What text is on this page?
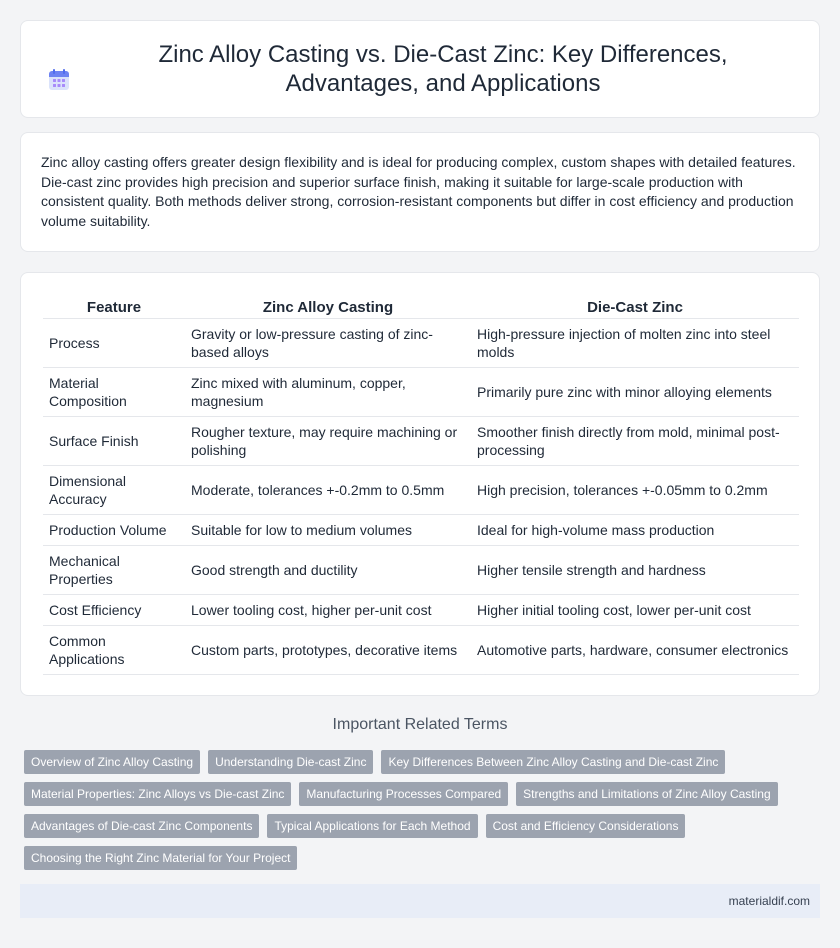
Zinc Alloy Casting vs. Die-Cast Zinc: Key Differences, Advantages, and Applications

Zinc alloy casting offers greater design flexibility and is ideal for producing complex, custom shapes with detailed features. Die-cast zinc provides high precision and superior surface finish, making it suitable for large-scale production with consistent quality. Both methods deliver strong, corrosion-resistant components but differ in cost efficiency and production volume suitability.

Feature	Zinc Alloy Casting	Die-Cast Zinc
Process	Gravity or low-pressure casting of zinc-based alloys	High-pressure injection of molten zinc into steel molds
Material Composition	Zinc mixed with aluminum, copper, magnesium	Primarily pure zinc with minor alloying elements
Surface Finish	Rougher texture, may require machining or polishing	Smoother finish directly from mold, minimal post-processing
Dimensional Accuracy	Moderate, tolerances +-0.2mm to 0.5mm	High precision, tolerances +-0.05mm to 0.2mm
Production Volume	Suitable for low to medium volumes	Ideal for high-volume mass production
Mechanical Properties	Good strength and ductility	Higher tensile strength and hardness
Cost Efficiency	Lower tooling cost, higher per-unit cost	Higher initial tooling cost, lower per-unit cost
Common Applications	Custom parts, prototypes, decorative items	Automotive parts, hardware, consumer electronics
Important Related Terms
Overview of Zinc Alloy Casting	Understanding Die-cast Zinc	Key Differences Between Zinc Alloy Casting and Die-cast Zinc
Material Properties: Zinc Alloys vs Die-cast Zinc	Manufacturing Processes Compared	Strengths and Limitations of Zinc Alloy Casting
Advantages of Die-cast Zinc Components	Typical Applications for Each Method	Cost and Efficiency Considerations
Choosing the Right Zinc Material for Your Project
materialdif.com
